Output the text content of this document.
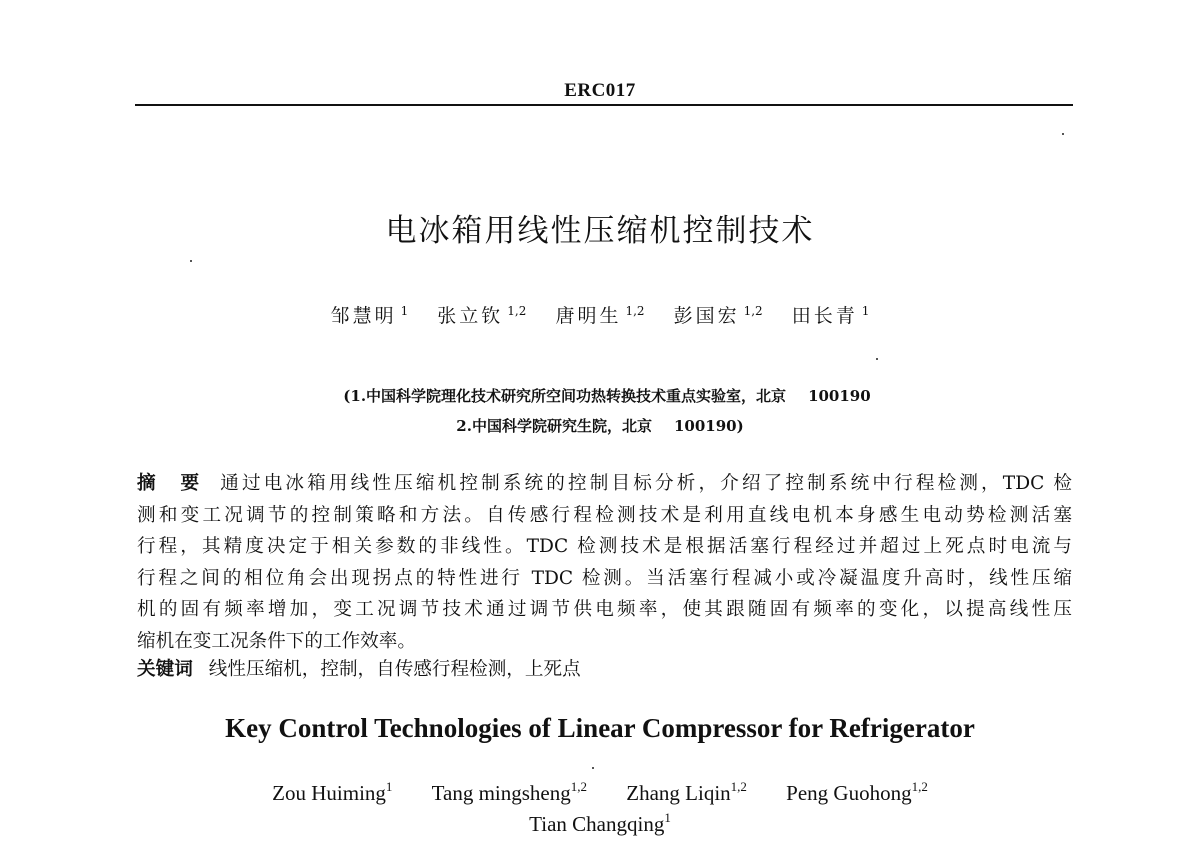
ERC017
电冰箱用线性压缩机控制技术
邹慧明 $^1$ 张立钦 $^{1,2}$ 唐明生 $^{1,2}$ 彭国宏 $^{1,2}$ 田长青 $^1$
(1.中国科学院理化技术研究所空间功热转换技术重点实验室，北京 100190
2.中国科学院研究生院，北京 100190)
摘　要 通过电冰箱用线性压缩机控制系统的控制目标分析，介绍了控制系统中行程检测，TDC 检
测和变工况调节的控制策略和方法。自传感行程检测技术是利用直线电机本身感生电动势检测活塞
行程，其精度决定于相关参数的非线性。TDC 检测技术是根据活塞行程经过并超过上死点时电流与
行程之间的相位角会出现拐点的特性进行 TDC 检测。当活塞行程减小或冷凝温度升高时，线性压缩
机的固有频率增加，变工况调节技术通过调节供电频率，使其跟随固有频率的变化，以提高线性压
缩机在变工况条件下的工作效率。
关键词 线性压缩机，控制，自传感行程检测，上死点
Key Control Technologies of Linear Compressor for Refrigerator
Zou Huiming$^1$ Tang mingsheng$^{1,2}$ Zhang Liqin$^{1,2}$ Peng Guohong$^{1,2}$
Tian Changqing$^1$
